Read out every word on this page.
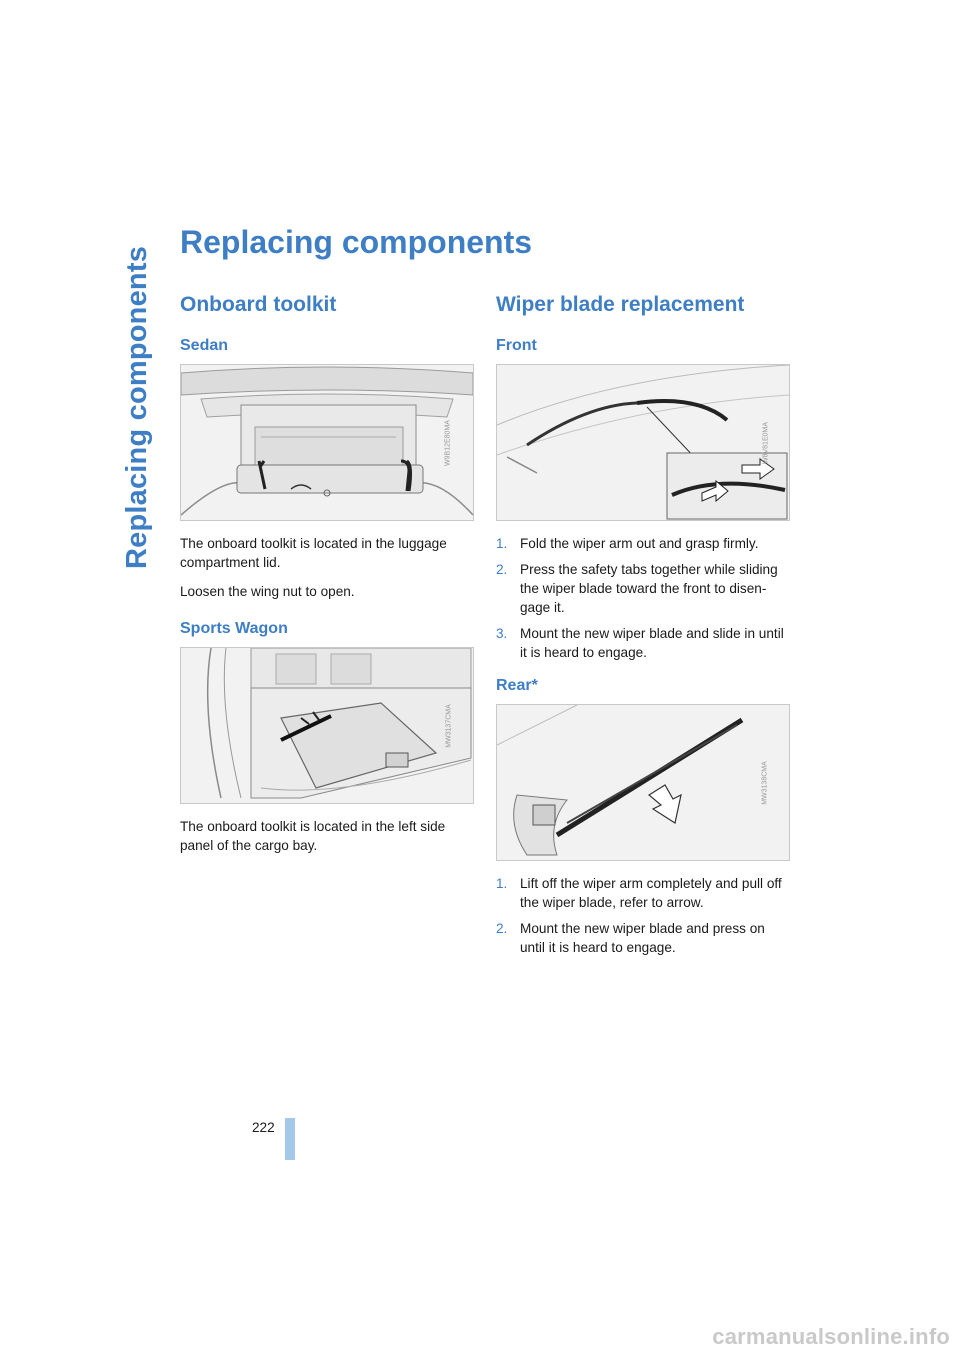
Replacing components
Replacing components
Onboard toolkit
Sedan
W9B12E80MA

The onboard toolkit is located in the luggage compartment lid.

Loosen the wing nut to open.

Sports Wagon
MW3137CMA

The onboard toolkit is located in the left side panel of the cargo bay.

Wiper blade replacement
Front
W8V81E0MA
1. Fold the wiper arm out and grasp firmly.
2. Press the safety tabs together while sliding the wiper blade toward the front to disengage it.
3. Mount the new wiper blade and slide in until it is heard to engage.
Rear*
MW3138CMA
1. Lift off the wiper arm completely and pull off the wiper blade, refer to arrow.
2. Mount the new wiper blade and press on until it is heard to engage.
222
carmanualsonline.info
